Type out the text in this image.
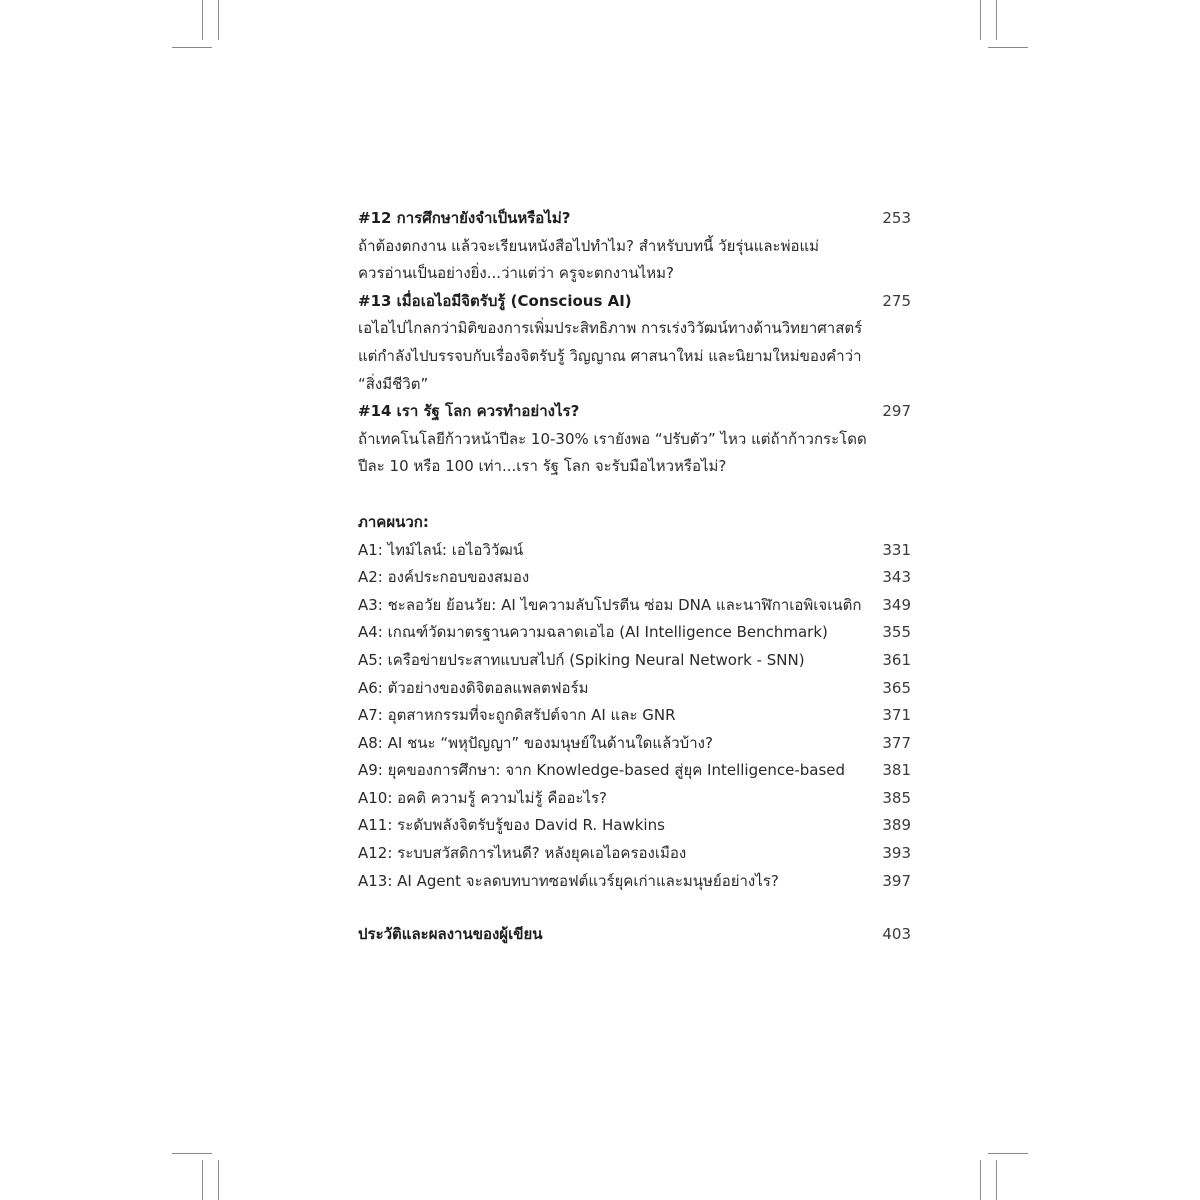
#12 การศึกษายังจำเป็นหรือไม่?	253
ถ้าต้องตกงาน แล้วจะเรียนหนังสือไปทำไม? สำหรับบทนี้ วัยรุ่นและพ่อแม่
ควรอ่านเป็นอย่างยิ่ง...ว่าแต่ว่า ครูจะตกงานไหม?
#13 เมื่อเอไอมีจิตรับรู้ (Conscious AI)	275
เอไอไปไกลกว่ามิติของการเพิ่มประสิทธิภาพ การเร่งวิวัฒน์ทางด้านวิทยาศาสตร์
แต่กำลังไปบรรจบกับเรื่องจิตรับรู้ วิญญาณ ศาสนาใหม่ และนิยามใหม่ของคำว่า
“สิ่งมีชีวิต”
#14 เรา รัฐ โลก ควรทำอย่างไร?	297
ถ้าเทคโนโลยีก้าวหน้าปีละ 10-30% เรายังพอ “ปรับตัว” ไหว แต่ถ้าก้าวกระโดด
ปีละ 10 หรือ 100 เท่า...เรา รัฐ โลก จะรับมือไหวหรือไม่?
ภาคผนวก:
A1: ไทม์ไลน์: เอไอวิวัฒน์	331
A2: องค์ประกอบของสมอง	343
A3: ชะลอวัย ย้อนวัย: AI ไขความลับโปรตีน ซ่อม DNA และนาฬิกาเอพิเจเนติก 349
A4: เกณฑ์วัดมาตรฐานความฉลาดเอไอ (AI Intelligence Benchmark)	355
A5: เครือข่ายประสาทแบบสไปก์ (Spiking Neural Network - SNN)	361
A6: ตัวอย่างของดิจิตอลแพลตฟอร์ม	365
A7: อุตสาหกรรมที่จะถูกดิสรัปต์จาก AI และ GNR	371
A8: AI ชนะ “พหุปัญญา” ของมนุษย์ในด้านใดแล้วบ้าง?	377
A9: ยุคของการศึกษา: จาก Knowledge-based สู่ยุค Intelligence-based 381
A10: อคติ ความรู้ ความไม่รู้ คืออะไร?	385
A11: ระดับพลังจิตรับรู้ของ David R. Hawkins	389
A12: ระบบสวัสดิการไหนดี? หลังยุคเอไอครองเมือง	393
A13: AI Agent จะลดบทบาทซอฟต์แวร์ยุคเก่าและมนุษย์อย่างไร?	397
ประวัติและผลงานของผู้เขียน	403
